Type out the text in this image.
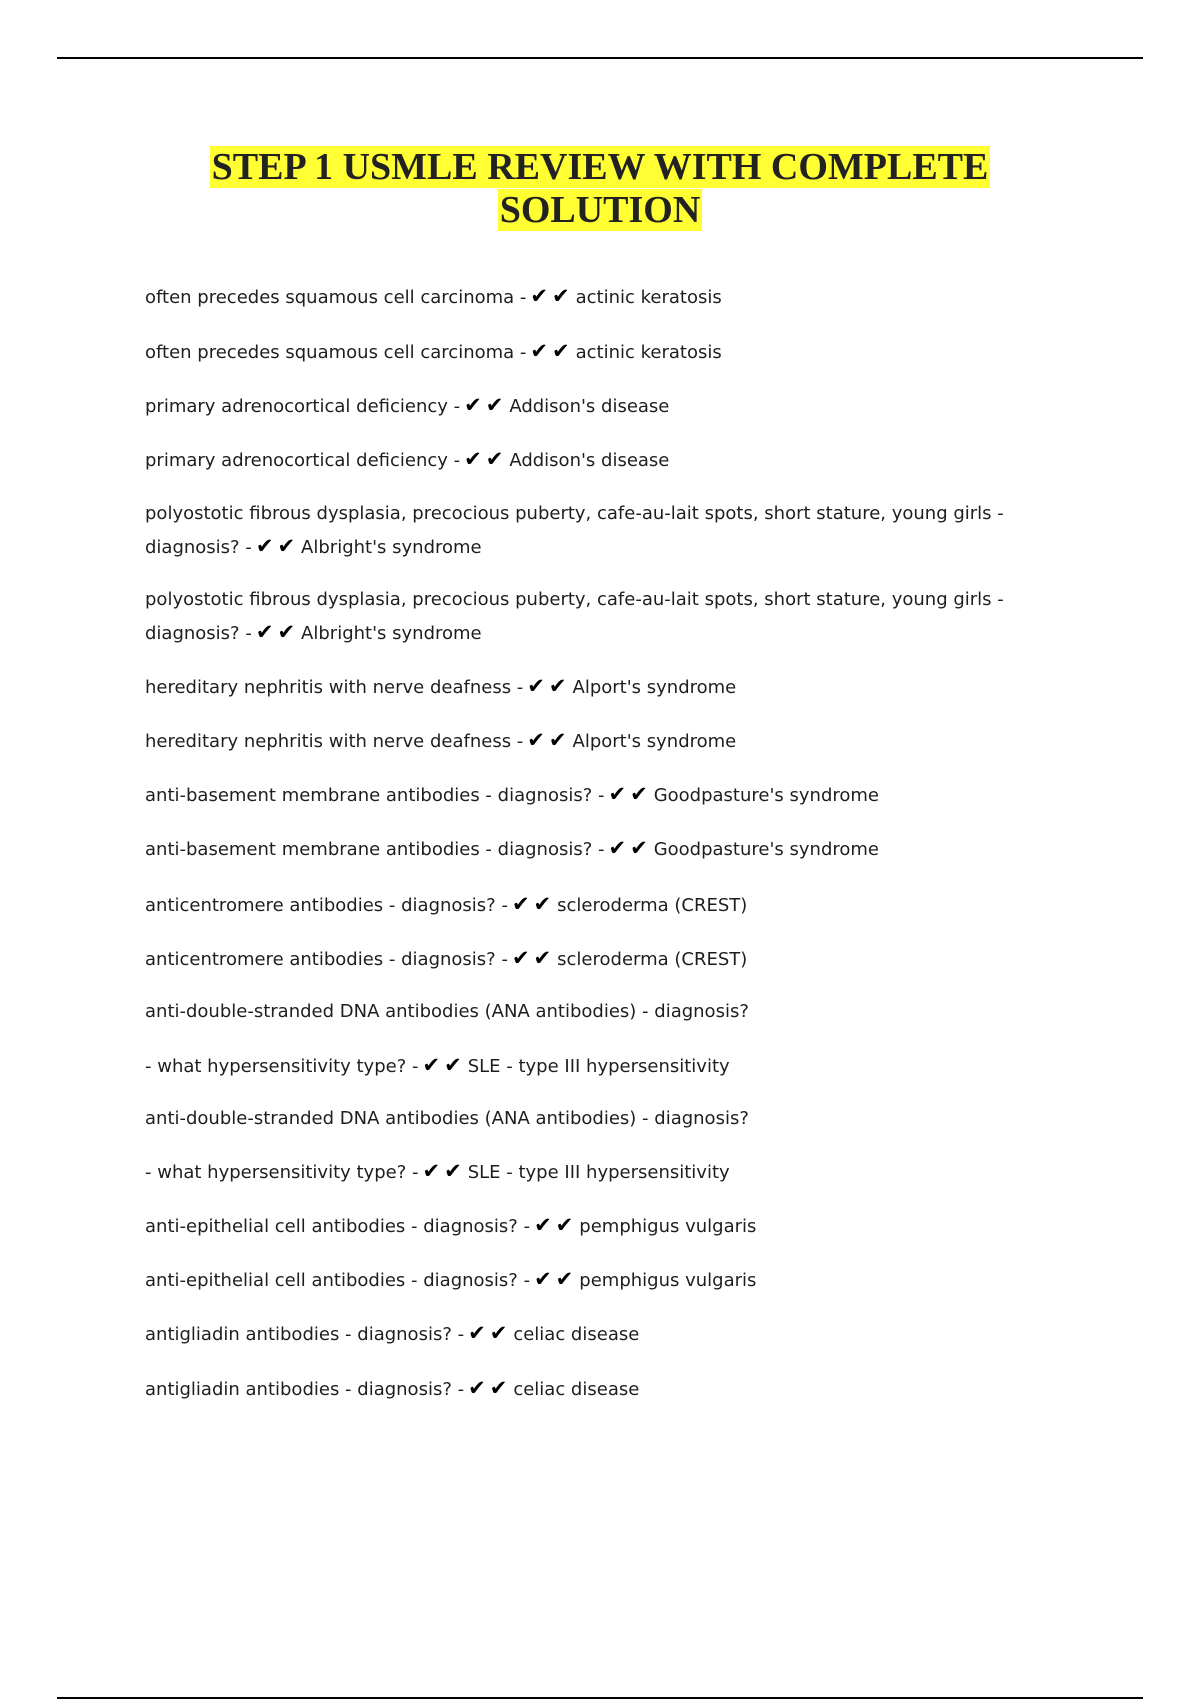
STEP 1 USMLE REVIEW WITH COMPLETE
SOLUTION
often precedes squamous cell carcinoma - ✔✔ actinic keratosis
often precedes squamous cell carcinoma - ✔✔ actinic keratosis
primary adrenocortical deficiency - ✔✔ Addison's disease
primary adrenocortical deficiency - ✔✔ Addison's disease
polyostotic fibrous dysplasia, precocious puberty, cafe-au-lait spots, short stature, young girls - diagnosis? - ✔✔ Albright's syndrome
polyostotic fibrous dysplasia, precocious puberty, cafe-au-lait spots, short stature, young girls - diagnosis? - ✔✔ Albright's syndrome
hereditary nephritis with nerve deafness - ✔✔ Alport's syndrome
hereditary nephritis with nerve deafness - ✔✔ Alport's syndrome
anti-basement membrane antibodies - diagnosis? - ✔✔ Goodpasture's syndrome
anti-basement membrane antibodies - diagnosis? - ✔✔ Goodpasture's syndrome
anticentromere antibodies - diagnosis? - ✔✔ scleroderma (CREST)
anticentromere antibodies - diagnosis? - ✔✔ scleroderma (CREST)
anti-double-stranded DNA antibodies (ANA antibodies) - diagnosis?
- what hypersensitivity type? - ✔✔ SLE - type III hypersensitivity
anti-double-stranded DNA antibodies (ANA antibodies) - diagnosis?
- what hypersensitivity type? - ✔✔ SLE - type III hypersensitivity
anti-epithelial cell antibodies - diagnosis? - ✔✔ pemphigus vulgaris
anti-epithelial cell antibodies - diagnosis? - ✔✔ pemphigus vulgaris
antigliadin antibodies - diagnosis? - ✔✔ celiac disease
antigliadin antibodies - diagnosis? - ✔✔ celiac disease
